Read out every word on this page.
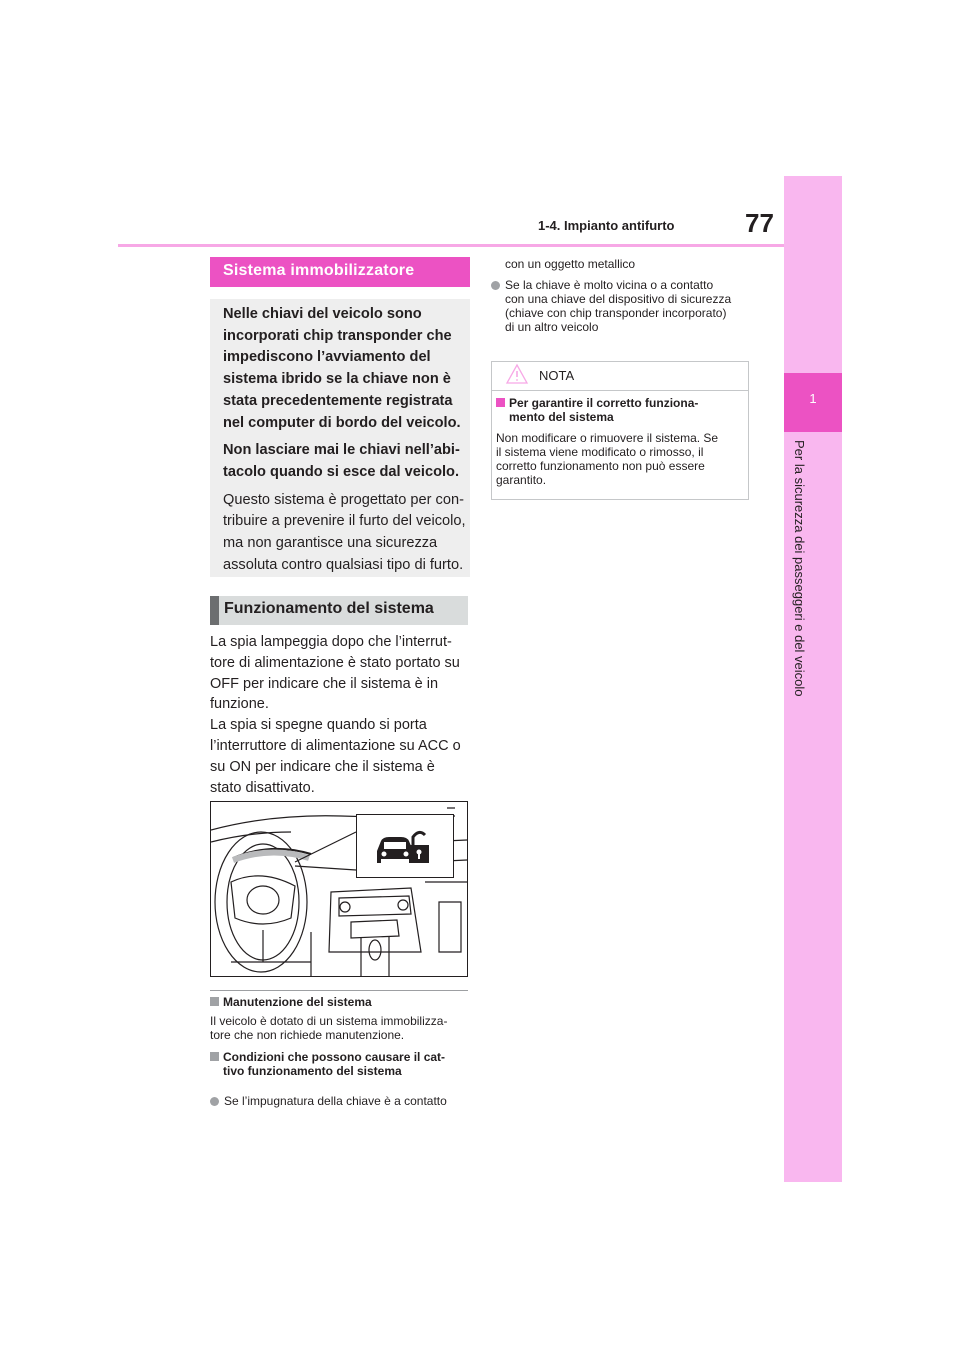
1-4. Impianto antifurto	77
1
Per la sicurezza dei passeggeri e del veicolo
Sistema immobilizzatore

Nelle chiavi del veicolo sono

incorporati chip transponder che

impediscono l’avviamento del

sistema ibrido se la chiave non è

stata precedentemente registrata

nel computer di bordo del veicolo.

Non lasciare mai le chiavi nell’abi-

tacolo quando si esce dal veicolo.

Questo sistema è progettato per con-

tribuire a prevenire il furto del veicolo,

ma non garantisce una sicurezza

assoluta contro qualsiasi tipo di furto.

Funzionamento del sistema
La spia lampeggia dopo che l’interrut-
tore di alimentazione è stato portato su
OFF per indicare che il sistema è in
funzione.
La spia si spegne quando si porta
l’interruttore di alimentazione su ACC o
su ON per indicare che il sistema è
stato disattivato.
Manutenzione del sistema
Il veicolo è dotato di un sistema immobilizza-
tore che non richiede manutenzione.
Condizioni che possono causare il cat-
tivo funzionamento del sistema
Se l’impugnatura della chiave è a contatto
con un oggetto metallico
Se la chiave è molto vicina o a contatto
con una chiave del dispositivo di sicurezza
(chiave con chip transponder incorporato)
di un altro veicolo
NOTA
Per garantire il corretto funziona-
mento del sistema
Non modificare o rimuovere il sistema. Se
il sistema viene modificato o rimosso, il
corretto funzionamento non può essere
garantito.
